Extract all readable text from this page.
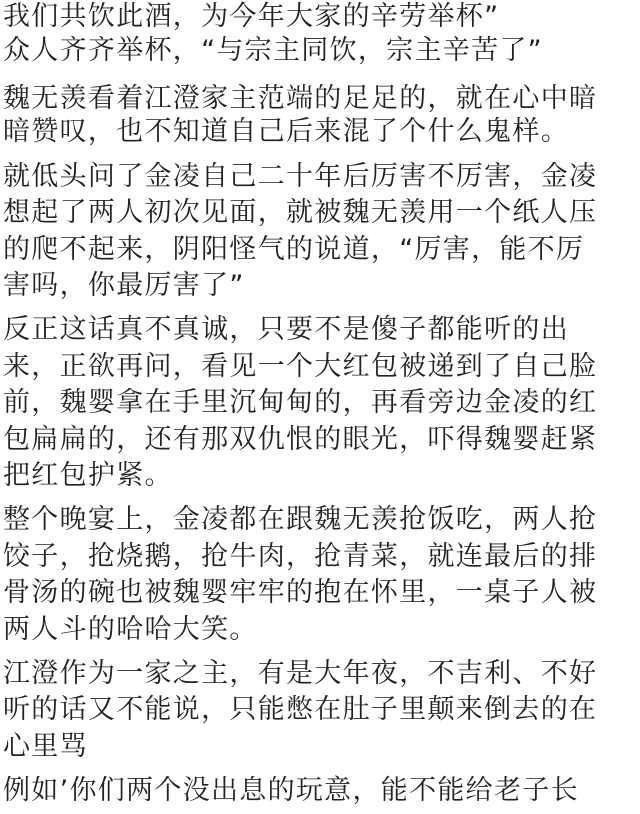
我们共饮此酒，为今年大家的辛劳举杯”
众人齐齐举杯，“与宗主同饮，宗主辛苦了”
魏无羡看着江澄家主范端的足足的，就在心中暗
暗赞叹，也不知道自己后来混了个什么鬼样。
就低头问了金凌自己二十年后厉害不厉害，金凌
想起了两人初次见面，就被魏无羡用一个纸人压
的爬不起来，阴阳怪气的说道，“厉害，能不厉
害吗，你最厉害了”
反正这话真不真诚，只要不是傻子都能听的出
来，正欲再问，看见一个大红包被递到了自己脸
前，魏婴拿在手里沉甸甸的，再看旁边金凌的红
包扁扁的，还有那双仇恨的眼光，吓得魏婴赶紧
把红包护紧。
整个晚宴上，金凌都在跟魏无羡抢饭吃，两人抢
饺子，抢烧鹅，抢牛肉，抢青菜，就连最后的排
骨汤的碗也被魏婴牢牢的抱在怀里，一桌子人被
两人斗的哈哈大笑。
江澄作为一家之主，有是大年夜，不吉利、不好
听的话又不能说，只能憋在肚子里颠来倒去的在
心里骂
例如’你们两个没出息的玩意，能不能给老子长
